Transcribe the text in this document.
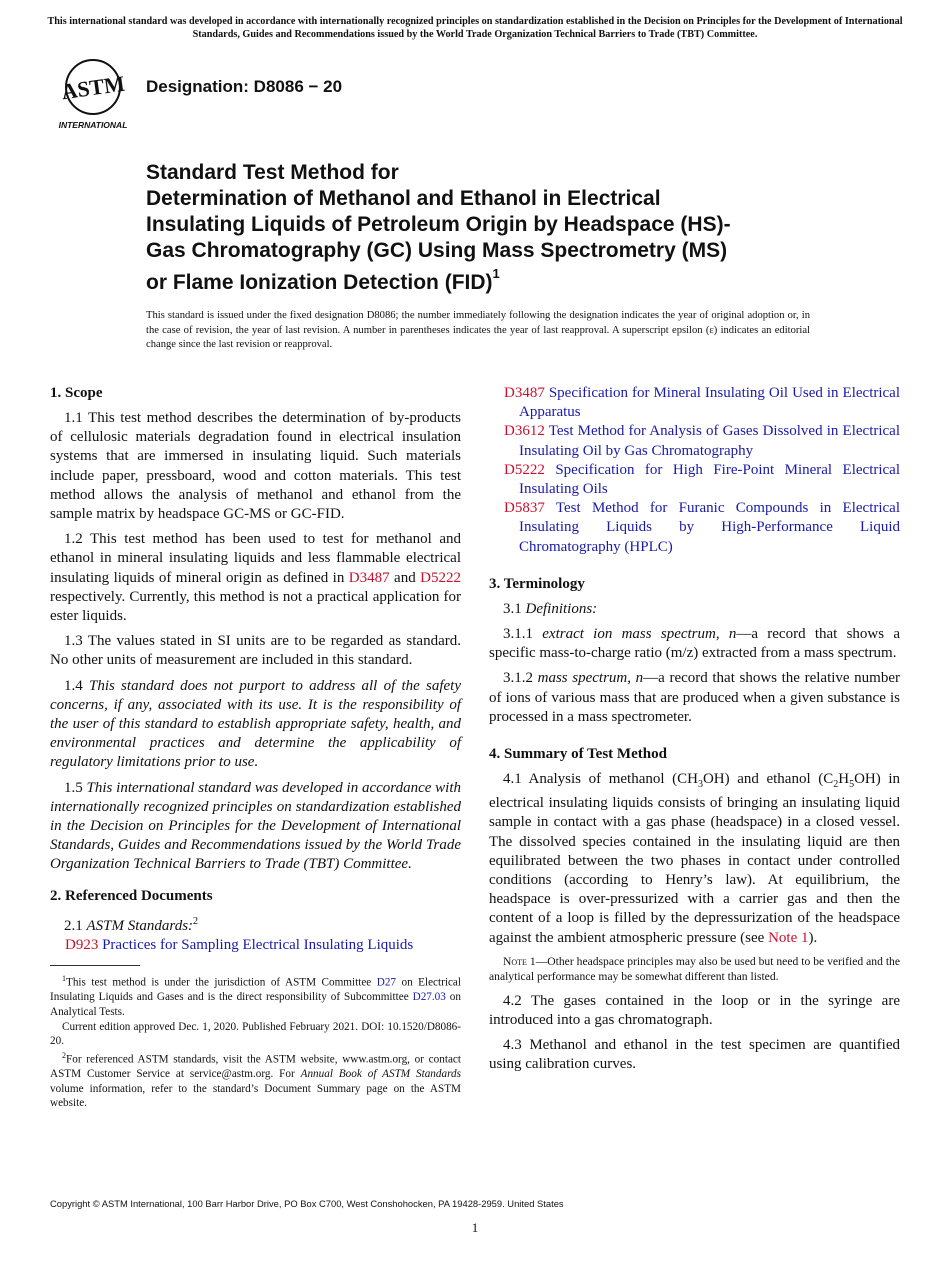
This international standard was developed in accordance with internationally recognized principles on standardization established in the Decision on Principles for the Development of International Standards, Guides and Recommendations issued by the World Trade Organization Technical Barriers to Trade (TBT) Committee.
ASTM
INTERNATIONAL
Designation: D8086 − 20
Standard Test Method for
Determination of Methanol and Ethanol in Electrical
Insulating Liquids of Petroleum Origin by Headspace (HS)-
Gas Chromatography (GC) Using Mass Spectrometry (MS)
or Flame Ionization Detection (FID)$^1$
This standard is issued under the fixed designation D8086; the number immediately following the designation indicates the year of original adoption or, in the case of revision, the year of last revision. A number in parentheses indicates the year of last reapproval. A superscript epsilon (ε) indicates an editorial change since the last revision or reapproval.
1. Scope

1.1 This test method describes the determination of by-products of cellulosic materials degradation found in electrical insulation systems that are immersed in insulating liquid. Such materials include paper, pressboard, wood and cotton materials. This test method allows the analysis of methanol and ethanol from the sample matrix by headspace GC-MS or GC-FID.

1.2 This test method has been used to test for methanol and ethanol in mineral insulating liquids and less flammable electrical insulating liquids of mineral origin as defined in D3487 and D5222 respectively. Currently, this method is not a practical application for ester liquids.

1.3 The values stated in SI units are to be regarded as standard. No other units of measurement are included in this standard.

1.4 This standard does not purport to address all of the safety concerns, if any, associated with its use. It is the responsibility of the user of this standard to establish appropriate safety, health, and environmental practices and determine the applicability of regulatory limitations prior to use.

1.5 This international standard was developed in accordance with internationally recognized principles on standardization established in the Decision on Principles for the Development of International Standards, Guides and Recommendations issued by the World Trade Organization Technical Barriers to Trade (TBT) Committee.

2. Referenced Documents

2.1 ASTM Standards:$^2$

D923 Practices for Sampling Electrical Insulating Liquids

$^1$This test method is under the jurisdiction of ASTM Committee D27 on Electrical Insulating Liquids and Gases and is the direct responsibility of Subcommittee D27.03 on Analytical Tests.

Current edition approved Dec. 1, 2020. Published February 2021. DOI: 10.1520/D8086-20.

$^2$For referenced ASTM standards, visit the ASTM website, www.astm.org, or contact ASTM Customer Service at service@astm.org. For Annual Book of ASTM Standards volume information, refer to the standard’s Document Summary page on the ASTM website.

D3487 Specification for Mineral Insulating Oil Used in Electrical Apparatus

D3612 Test Method for Analysis of Gases Dissolved in Electrical Insulating Oil by Gas Chromatography

D5222 Specification for High Fire-Point Mineral Electrical Insulating Oils

D5837 Test Method for Furanic Compounds in Electrical Insulating Liquids by High-Performance Liquid Chromatography (HPLC)

3. Terminology

3.1 Definitions:

3.1.1 extract ion mass spectrum, n—a record that shows a specific mass-to-charge ratio (m/z) extracted from a mass spectrum.

3.1.2 mass spectrum, n—a record that shows the relative number of ions of various mass that are produced when a given substance is processed in a mass spectrometer.

4. Summary of Test Method

4.1 Analysis of methanol $(CH_3OH)$ and ethanol $(C_2H_5OH)$ in electrical insulating liquids consists of bringing an insulating liquid sample in contact with a gas phase (headspace) in a closed vessel. The dissolved species contained in the insulating liquid are then equilibrated between the two phases in contact under controlled conditions (according to Henry’s law). At equilibrium, the headspace is over-pressurized with a carrier gas and then the content of a loop is filled by the depressurization of the headspace against the ambient atmospheric pressure (see Note 1).

Note 1—Other headspace principles may also be used but need to be verified and the analytical performance may be somewhat different than listed.

4.2 The gases contained in the loop or in the syringe are introduced into a gas chromatograph.

4.3 Methanol and ethanol in the test specimen are quantified using calibration curves.

Copyright © ASTM International, 100 Barr Harbor Drive, PO Box C700, West Conshohocken, PA 19428-2959. United States
1
